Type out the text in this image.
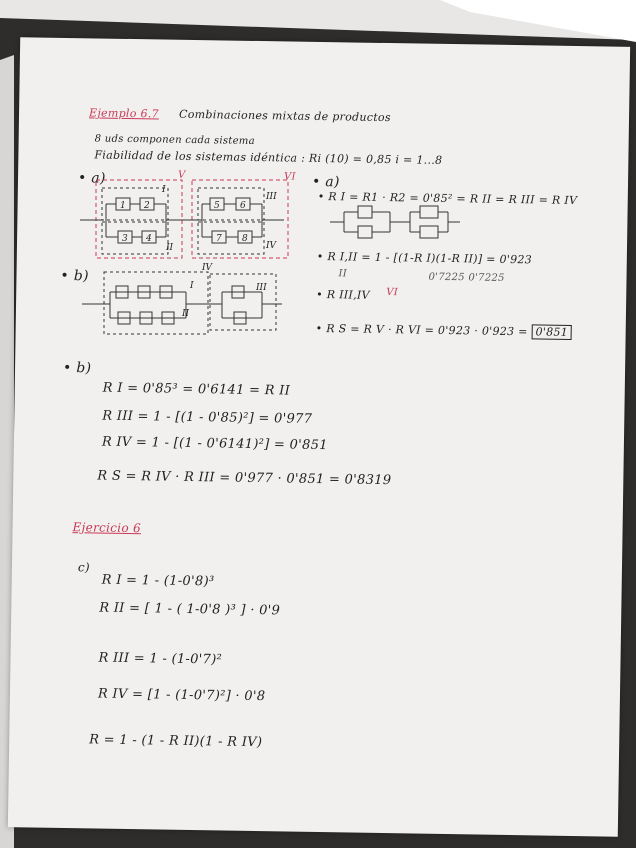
Ejemplo 6.7 Combinaciones mixtas de productos
8 uds componen cada sistema
Fiabilidad de los sistemas idéntica : Ri (10) = 0,85 i = 1...8
• a)	V	VI • a)
• R I = R1 · R2 = 0'85² = R II = R III = R IV
• R I,II = 1 - [(1-R I)(1-R II)] = 0'923
II	0'7225 0'7225
• R III,IV VI
• R S = R V · R VI = 0'923 · 0'923 = 0'851
• b)
• b)
R I = 0'85³ = 0'6141 = R II
R III = 1 - [(1 - 0'85)²] = 0'977
R IV = 1 - [(1 - 0'6141)²] = 0'851
R S = R IV · R III = 0'977 · 0'851 = 0'8319
Ejercicio 6
c)
R I = 1 - (1-0'8)³
R II = [ 1 - ( 1-0'8 )³ ] · 0'9
R III = 1 - (1-0'7)²
R IV = [1 - (1-0'7)²] · 0'8
R = 1 - (1 - R II)(1 - R IV)
1 2
3 4
5 6
7 8
I
II
III
IV
I
II
III
IV
